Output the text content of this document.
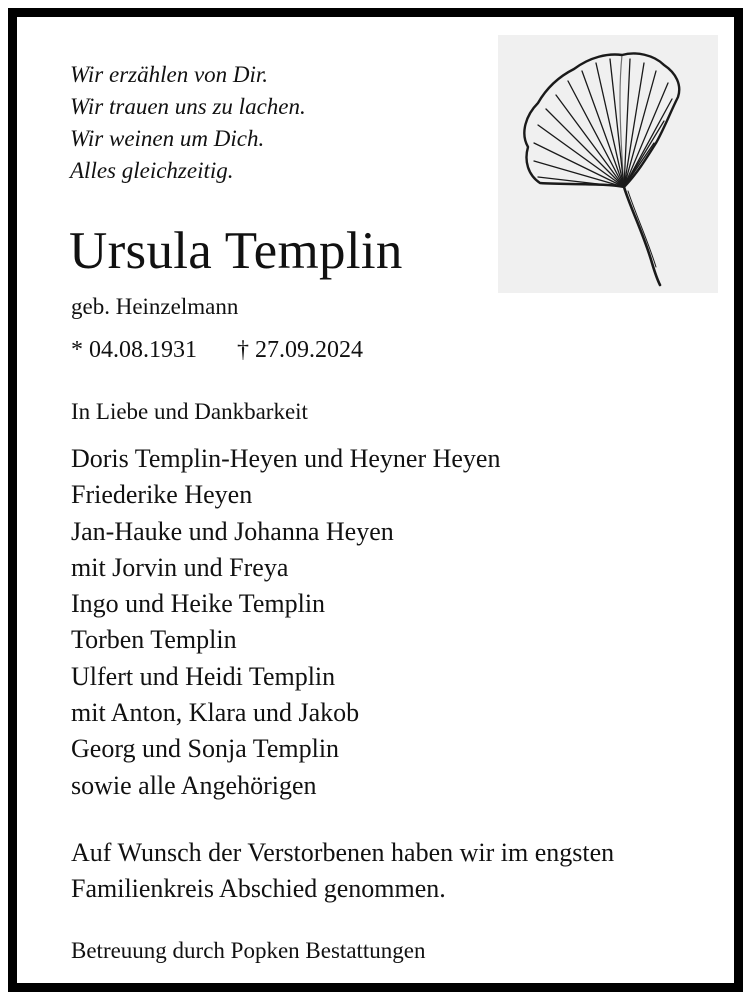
Wir erzählen von Dir.
Wir trauen uns zu lachen.
Wir weinen um Dich.
Alles gleichzeitig.
Ursula Templin
geb. Heinzelmann
* 04.08.1931 † 27.09.2024
In Liebe und Dankbarkeit
Doris Templin-Heyen und Heyner Heyen
Friederike Heyen
Jan-Hauke und Johanna Heyen
mit Jorvin und Freya
Ingo und Heike Templin
Torben Templin
Ulfert und Heidi Templin
mit Anton, Klara und Jakob
Georg und Sonja Templin
sowie alle Angehörigen
Auf Wunsch der Verstorbenen haben wir im engsten
Familienkreis Abschied genommen.
Betreuung durch Popken Bestattungen
